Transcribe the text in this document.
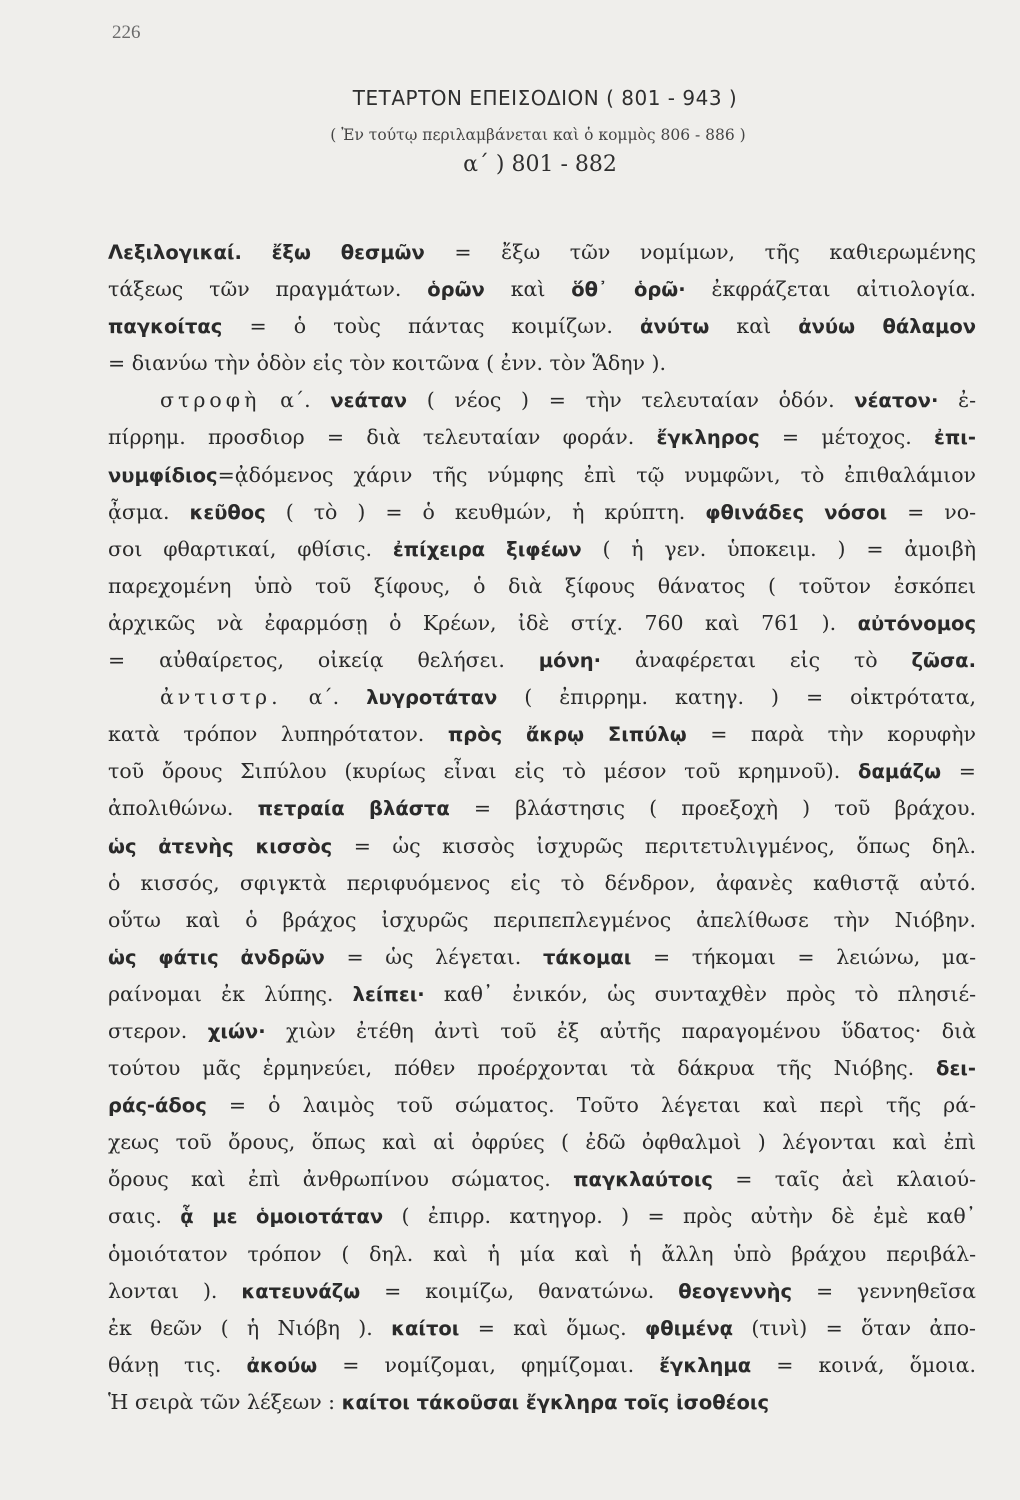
226
ΤΕΤΑΡΤΟΝ ΕΠΕΙΣΟΔΙΟΝ ( 801 - 943 )
( Ἐν τούτῳ περιλαμβάνεται καὶ ὁ κομμὸς 806 - 886 )
α΄ ) 801 - 882
Λεξιλογικαί. ἔξω θεσμῶν = ἔξω τῶν νομίμων, τῆς καθιερωμένης
τάξεως τῶν πραγμάτων. ὁρῶν καὶ ὅθ᾽ ὁρῶ· ἐκφράζεται αἰτιολογία.
παγκοίτας = ὁ τοὺς πάντας κοιμίζων. ἀνύτω καὶ ἀνύω θάλαμον
= διανύω τὴν ὁδὸν εἰς τὸν κοιτῶνα ( ἐνν. τὸν Ἅδην ).
στροφὴ α΄. νεάταν ( νέος ) = τὴν τελευταίαν ὁδόν. νέατον· ἐ-
πίρρημ. προσδιορ = διὰ τελευταίαν φοράν. ἔγκληρος = μέτοχος. ἐπι-
νυμφίδιος=ᾀδόμενος χάριν τῆς νύμφης ἐπὶ τῷ νυμφῶνι, τὸ ἐπιθαλάμιον
ᾆσμα. κεῦθος ( τὸ ) = ὁ κευθμών, ἡ κρύπτη. φθινάδες νόσοι = νο-
σοι φθαρτικαί, φθίσις. ἐπίχειρα ξιφέων ( ἡ γεν. ὑποκειμ. ) = ἀμοιβὴ
παρεχομένη ὑπὸ τοῦ ξίφους, ὁ διὰ ξίφους θάνατος ( τοῦτον ἐσκόπει
ἀρχικῶς νὰ ἐφαρμόσῃ ὁ Κρέων, ἰδὲ στίχ. 760 καὶ 761 ). αὐτόνομος
= αὐθαίρετος, οἰκείᾳ θελήσει. μόνη· ἀναφέρεται εἰς τὸ ζῶσα.
ἀντιστρ. α΄. λυγροτάταν ( ἐπιρρημ. κατηγ. ) = οἰκτρότατα,
κατὰ τρόπον λυπηρότατον. πρὸς ἄκρῳ Σιπύλῳ = παρὰ τὴν κορυφὴν
τοῦ ὄρους Σιπύλου (κυρίως εἶναι εἰς τὸ μέσον τοῦ κρημνοῦ). δαμάζω =
ἀπολιθώνω. πετραία βλάστα = βλάστησις ( προεξοχὴ ) τοῦ βράχου.
ὡς ἀτενὴς κισσὸς = ὡς κισσὸς ἰσχυρῶς περιτετυλιγμένος, ὅπως δηλ.
ὁ κισσός, σφιγκτὰ περιφυόμενος εἰς τὸ δένδρον, ἀφανὲς καθιστᾷ αὐτό.
οὕτω καὶ ὁ βράχος ἰσχυρῶς περιπεπλεγμένος ἀπελίθωσε τὴν Νιόβην.
ὡς φάτις ἀνδρῶν = ὡς λέγεται. τάκομαι = τήκομαι = λειώνω, μα-
ραίνομαι ἐκ λύπης. λείπει· καθ᾽ ἐνικόν, ὡς συνταχθὲν πρὸς τὸ πλησιέ-
στερον. χιών· χιὼν ἐτέθη ἀντὶ τοῦ ἐξ αὐτῆς παραγομένου ὕδατος· διὰ
τούτου μᾶς ἑρμηνεύει, πόθεν προέρχονται τὰ δάκρυα τῆς Νιόβης. δει-
ράς-άδος = ὁ λαιμὸς τοῦ σώματος. Τοῦτο λέγεται καὶ περὶ τῆς ρά-
χεως τοῦ ὄρους, ὅπως καὶ αἱ ὀφρύες ( ἐδῶ ὀφθαλμοὶ ) λέγονται καὶ ἐπὶ
ὄρους καὶ ἐπὶ ἀνθρωπίνου σώματος. παγκλαύτοις = ταῖς ἀεὶ κλαιού-
σαις. ᾇ με ὁμοιοτάταν ( ἐπιρρ. κατηγορ. ) = πρὸς αὐτὴν δὲ ἐμὲ καθ᾽
ὁμοιότατον τρόπον ( δηλ. καὶ ἡ μία καὶ ἡ ἄλλη ὑπὸ βράχου περιβάλ-
λονται ). κατευνάζω = κοιμίζω, θανατώνω. θεογεννὴς = γεννηθεῖσα
ἐκ θεῶν ( ἡ Νιόβη ). καίτοι = καὶ ὅμως. φθιμένᾳ (τινὶ) = ὅταν ἀπο-
θάνῃ τις. ἀκούω = νομίζομαι, φημίζομαι. ἔγκλημα = κοινά, ὅμοια.
Ἡ σειρὰ τῶν λέξεων : καίτοι τάκοῦσαι ἔγκληρα τοῖς ἰσοθέοις
